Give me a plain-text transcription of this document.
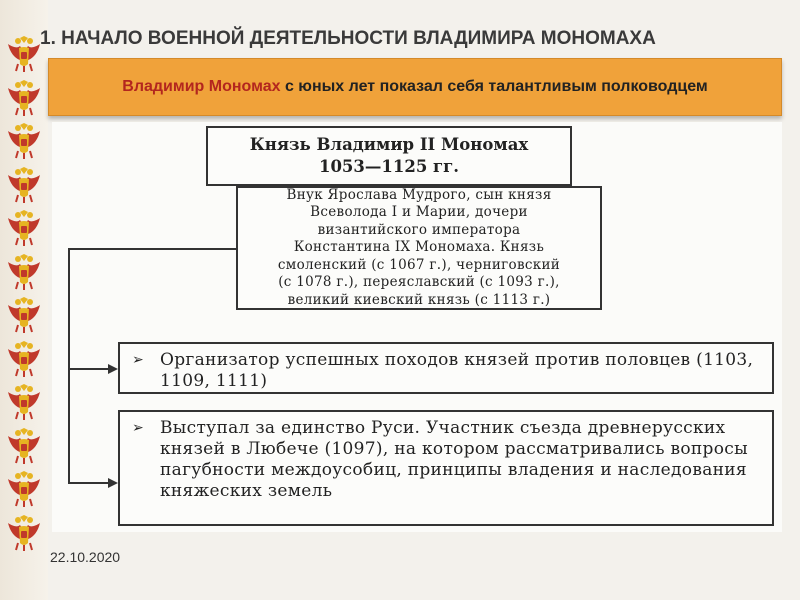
1. НАЧАЛО ВОЕННОЙ ДЕЯТЕЛЬНОСТИ ВЛАДИМИРА МОНОМАХА
Владимир Мономах с юных лет показал себя талантливым полководцем
Князь Владимир II Мономах
1053—1125 гг.
Внук Ярослава Мудрого, сын князя
Всеволода I и Марии, дочери
византийского императора
Константина IX Мономаха. Князь
смоленский (с 1067 г.), черниговский
(с 1078 г.), переяславский (с 1093 г.),
великий киевский князь (с 1113 г.)
➢ Организатор успешных походов князей против половцев (1103, 1109, 1111)
➢ Выступал за единство Руси. Участник съезда древнерусских князей в Любече (1097), на котором рассматривались вопросы пагубности междоусобиц, принципы владения и наследования княжеских земель
22.10.2020
